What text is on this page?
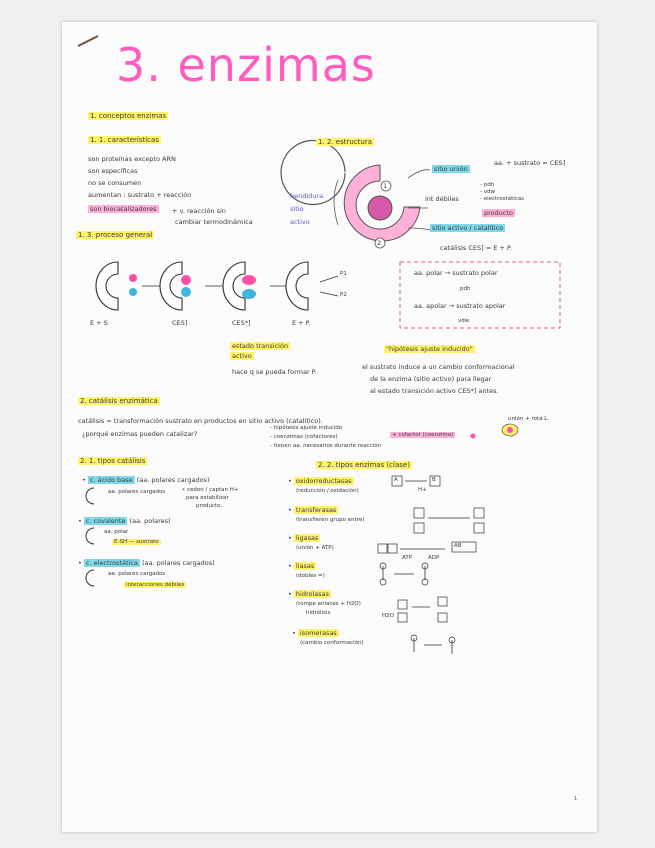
3. enzimas
1. conceptos enzimas
1. 1. características
son proteínas excepto ARN
son específicas
no se consumen
aumentan : sustrato + reacción
son biocatalizadores	+ v. reacción sin
cambiar termodinámica
1. 2. estructura
hendidura
sitio
activo
1
2
sitio unión
aa. + sustrato = CES]
int débiles
- pdh
- vdw
- electrostáticas
producto
sitio activo / catalítico
catálisis CES] = E + P.
1. 3. proceso general
E + S	CES]	CES*]	E + P.
P1
P2
estado transición
activo
hace q se pueda formar P.
aa. polar → sustrato polar
pdh
aa. apolar → sustrato apolar
vdw
"hipótesis ajuste inducido"
el sustrato induce a un cambio conformacional
de la enzima (sitio activo) para llegar
al estado transición activo CES*] antes.
2. catálisis enzimática
catálisis = transformación sustrato en productos en sitio activo (catalítico).
¿porqué enzimas pueden catalizar?
- hipótesis ajuste inducido
- coenzimas (cofactores)
- tienen aa. necesarios durante reacción
unión + rota L.
+ cofactor (coenzima)
2. 1. tipos catálisis
• c. ácido base (aa. polares cargados)
aa. polares cargados	• ceden / captan H+
para estabilizar
producto.
• c. covalente (aa. polares)
aa. polar
E-SH — sustrato
• c. electrostática (aa. polares cargados)
aa. polares cargados
interacciones débiles
2. 2. tipos enzimas (clase)
• oxidorreductasas
(reducción / oxidación)
• transferasas
(transfieren grupo entre)
• ligasas
(unión + ATP)
• liasas
(dobles =)
• hidrolasas
(rompe enlaces + H2O)
hidrólisis
• isomerasas
(cambio conformación)
A	B
H+
AB
ATP	ADP
H2O
1
